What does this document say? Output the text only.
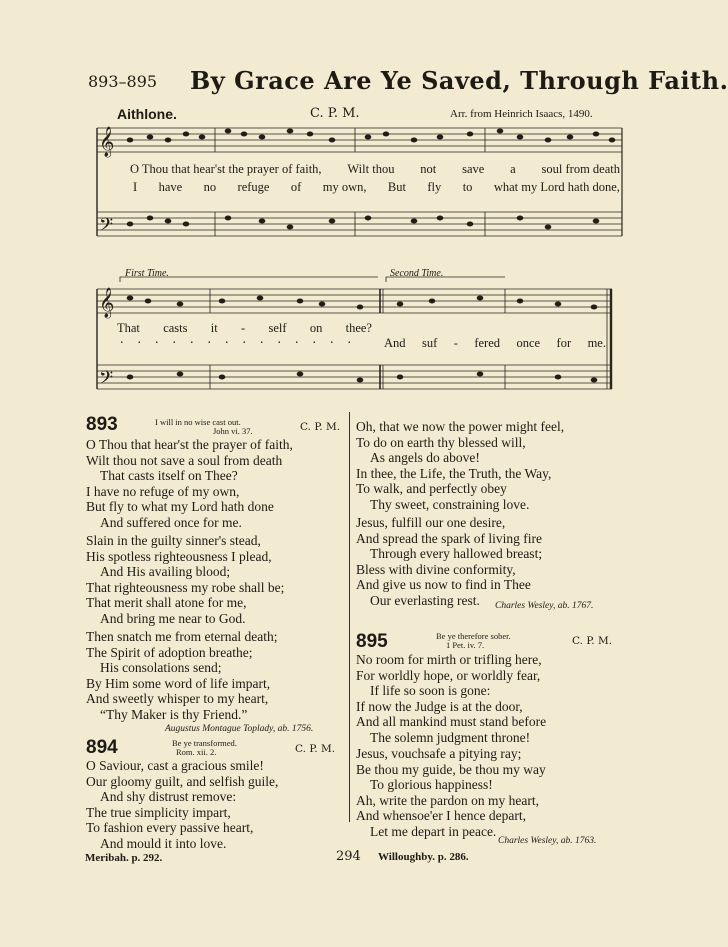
893–895 By Grace Are Ye Saved, Through Faith.
Aithlone.	C. P. M.	Arr. from Heinrich Isaacs, 1490.
𝄞
𝄢
𝄞
𝄢
O Thou that hear'st the prayer of faith, Wilt thou not save a soul from death
I have no refuge of my own, But fly to what my Lord hath done,
First Time.	Second Time.
That casts it - self on thee?
.............. And suf - fered once for me.
893	I will in no wise cast out.
John vi. 37.	C. P. M.
O Thou that hear'st the prayer of faith,
Wilt thou not save a soul from death
That casts itself on Thee?
I have no refuge of my own,
But fly to what my Lord hath done
And suffered once for me.
Slain in the guilty sinner's stead,
His spotless righteousness I plead,
And His availing blood;
That righteousness my robe shall be;
That merit shall atone for me,
And bring me near to God.
Then snatch me from eternal death;
The Spirit of adoption breathe;
His consolations send;
By Him some word of life impart,
And sweetly whisper to my heart,
“Thy Maker is thy Friend.”
Augustus Montague Toplady, ab. 1756.
894	Be ye transformed.
Rom. xii. 2.	C. P. M.
O Saviour, cast a gracious smile!
Our gloomy guilt, and selfish guile,
And shy distrust remove:
The true simplicity impart,
To fashion every passive heart,
And mould it into love.
Oh, that we now the power might feel,
To do on earth thy blessed will,
As angels do above!
In thee, the Life, the Truth, the Way,
To walk, and perfectly obey
Thy sweet, constraining love.
Jesus, fulfill our one desire,
And spread the spark of living fire
Through every hallowed breast;
Bless with divine conformity,
And give us now to find in Thee
Our everlasting rest.	Charles Wesley, ab. 1767.
895	Be ye therefore sober.
1 Pet. iv. 7.	C. P. M.
No room for mirth or trifling here,
For worldly hope, or worldly fear,
If life so soon is gone:
If now the Judge is at the door,
And all mankind must stand before
The solemn judgment throne!
Jesus, vouchsafe a pitying ray;
Be thou my guide, be thou my way
To glorious happiness!
Ah, write the pardon on my heart,
And whensoe'er I hence depart,
Let me depart in peace.
Charles Wesley, ab. 1763.
Meribah. p. 292.	294 Willoughby. p. 286.
